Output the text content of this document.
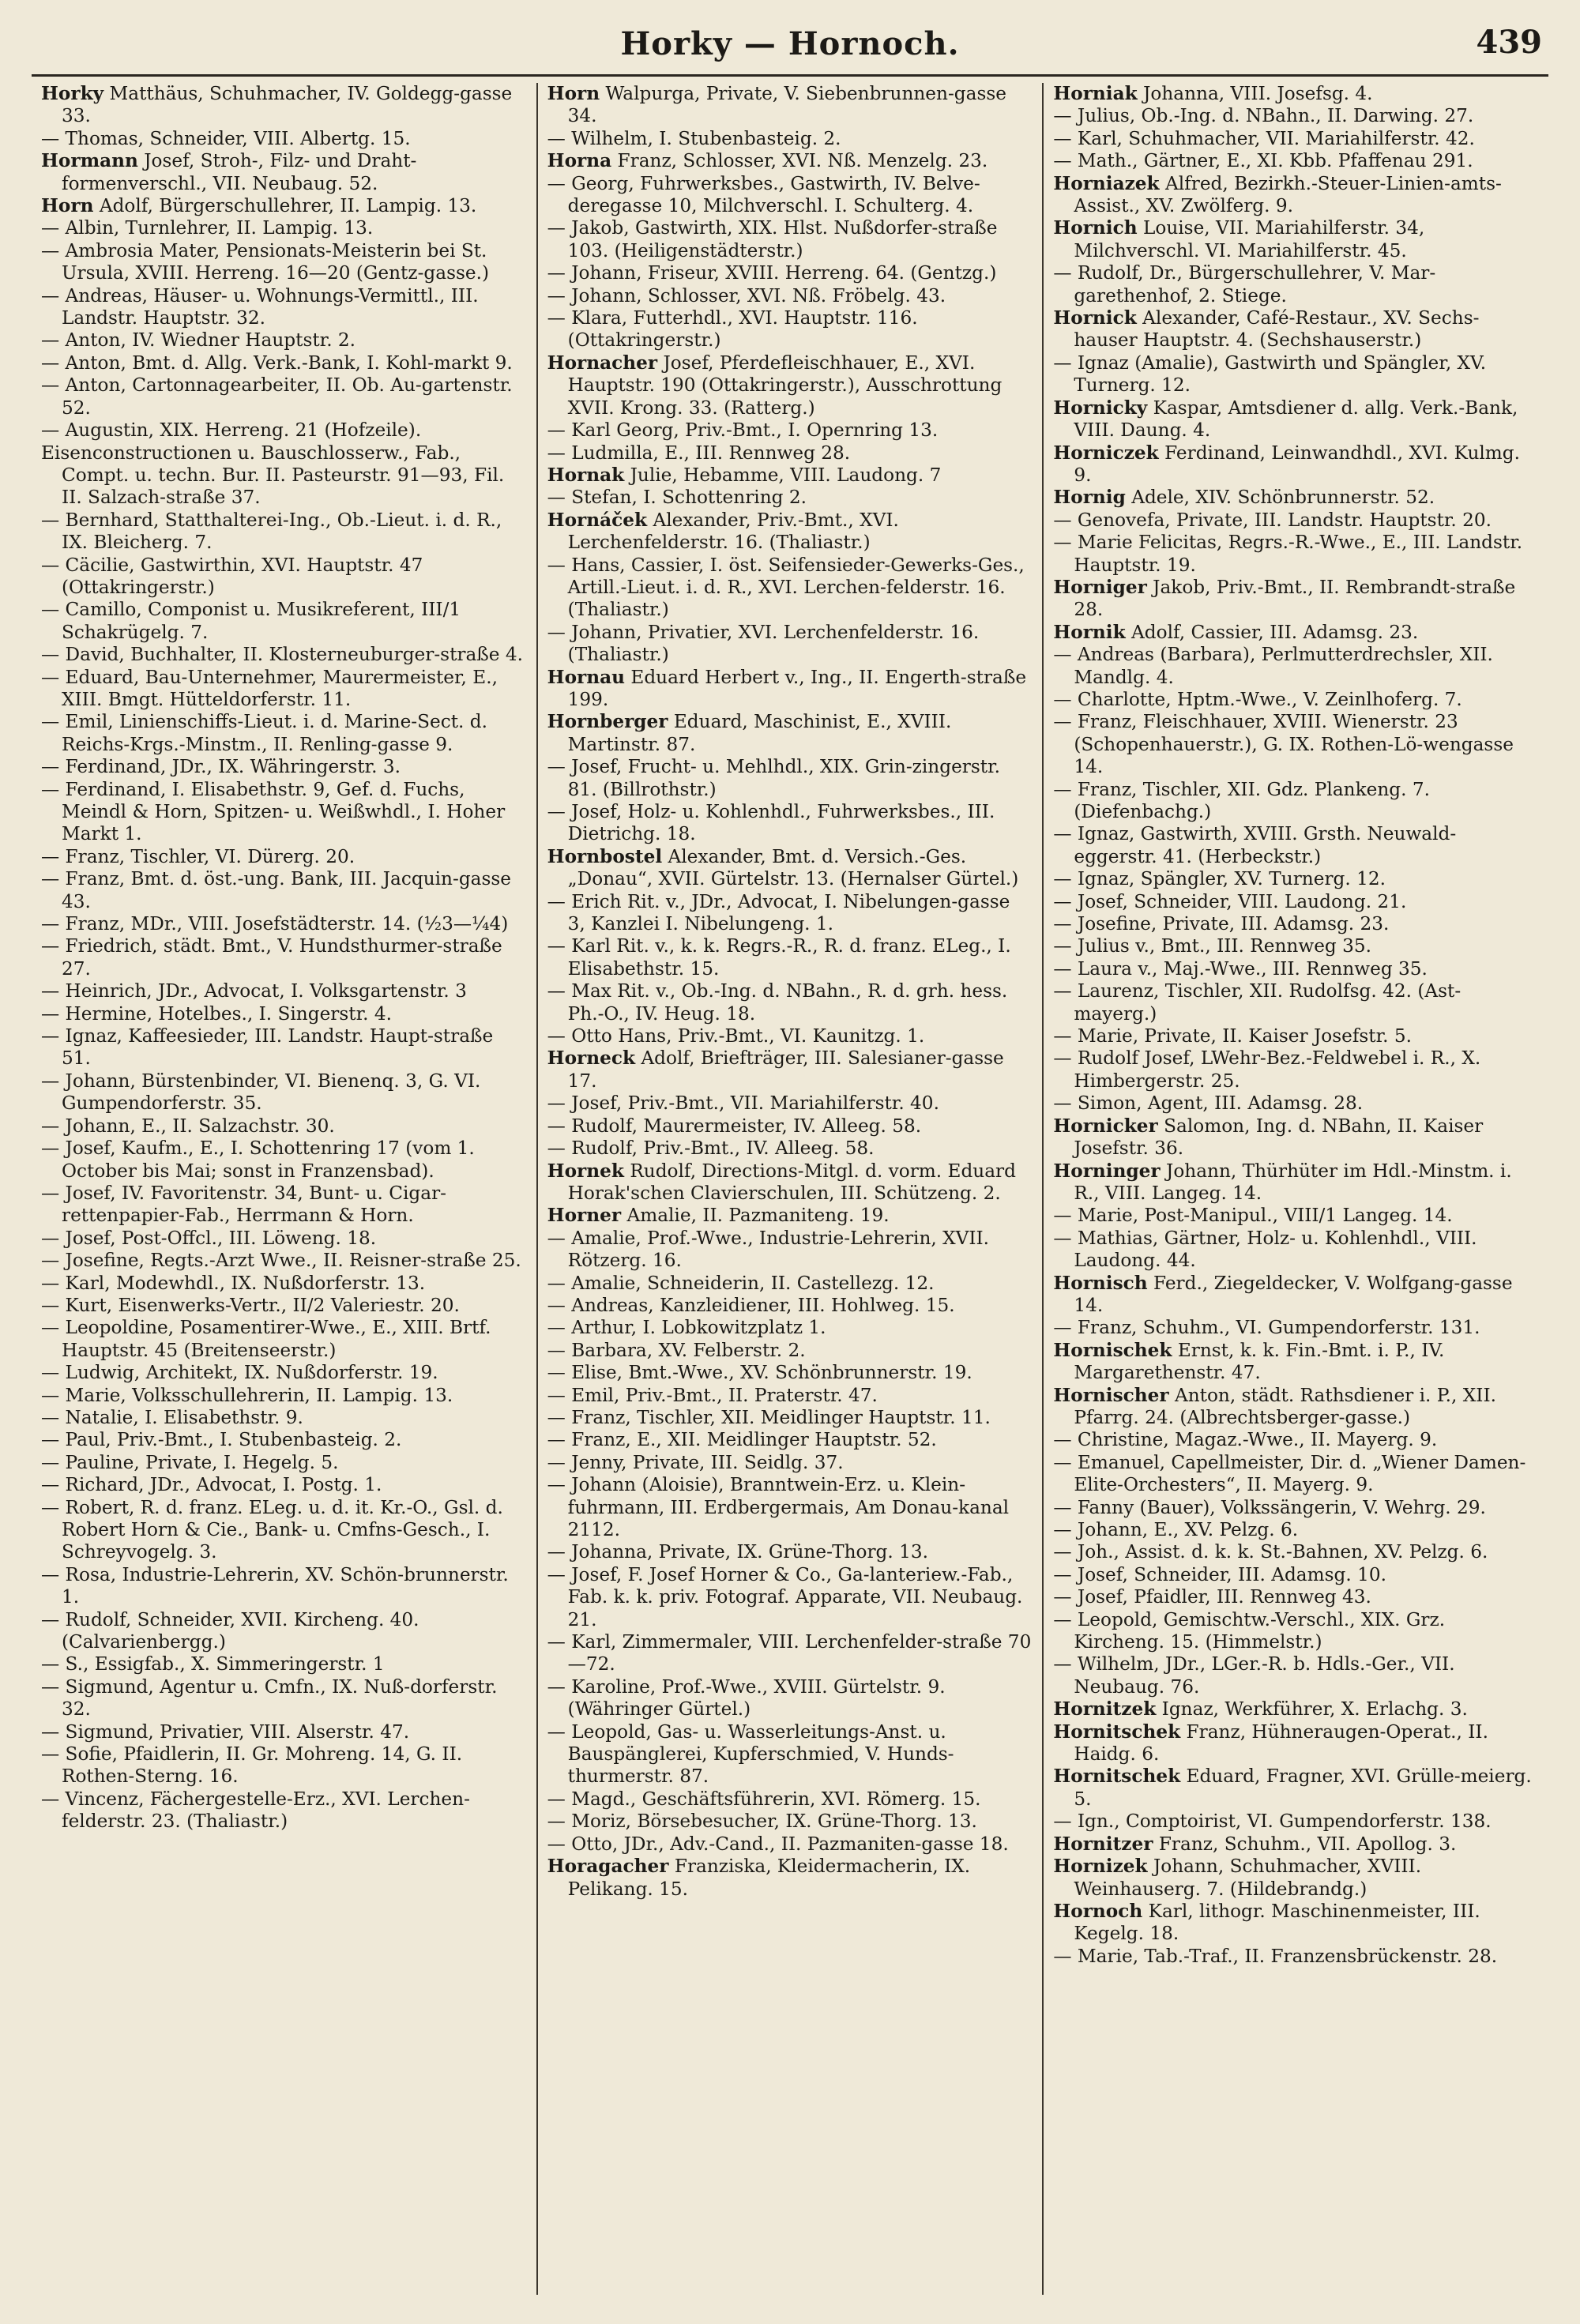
Horky — Hornoch.	439
Horky Matthäus, Schuhmacher, IV. Goldegg-gasse 33.
— Thomas, Schneider, VIII. Albertg. 15.
Hormann Josef, Stroh-, Filz- und Draht-formenverschl., VII. Neubaug. 52.
Horn Adolf, Bürgerschullehrer, II. Lampig. 13.
— Albin, Turnlehrer, II. Lampig. 13.
— Ambrosia Mater, Pensionats-Meisterin bei St. Ursula, XVIII. Herreng. 16—20 (Gentz-gasse.)
— Andreas, Häuser- u. Wohnungs-Vermittl., III. Landstr. Hauptstr. 32.
— Anton, IV. Wiedner Hauptstr. 2.
— Anton, Bmt. d. Allg. Verk.-Bank, I. Kohl-markt 9.
— Anton, Cartonnagearbeiter, II. Ob. Au-gartenstr. 52.
— Augustin, XIX. Herreng. 21 (Hofzeile).
Eisenconstructionen u. Bauschlosserw., Fab., Compt. u. techn. Bur. II. Pasteurstr. 91—93, Fil. II. Salzach-straße 37.
— Bernhard, Statthalterei-Ing., Ob.-Lieut. i. d. R., IX. Bleicherg. 7.
— Cäcilie, Gastwirthin, XVI. Hauptstr. 47 (Ottakringerstr.)
— Camillo, Componist u. Musikreferent, III/1 Schakrügelg. 7.
— David, Buchhalter, II. Klosterneuburger-straße 4.
— Eduard, Bau-Unternehmer, Maurermeister, E., XIII. Bmgt. Hütteldorferstr. 11.
— Emil, Linienschiffs-Lieut. i. d. Marine-Sect. d. Reichs-Krgs.-Minstm., II. Renling-gasse 9.
— Ferdinand, JDr., IX. Währingerstr. 3.
— Ferdinand, I. Elisabethstr. 9, Gef. d. Fuchs, Meindl & Horn, Spitzen- u. Weißwhdl., I. Hoher Markt 1.
— Franz, Tischler, VI. Dürerg. 20.
— Franz, Bmt. d. öst.-ung. Bank, III. Jacquin-gasse 43.
— Franz, MDr., VIII. Josefstädterstr. 14. (½3—¼4)
— Friedrich, städt. Bmt., V. Hundsthurmer-straße 27.
— Heinrich, JDr., Advocat, I. Volksgartenstr. 3
— Hermine, Hotelbes., I. Singerstr. 4.
— Ignaz, Kaffeesieder, III. Landstr. Haupt-straße 51.
— Johann, Bürstenbinder, VI. Bienenq. 3, G. VI. Gumpendorferstr. 35.
— Johann, E., II. Salzachstr. 30.
— Josef, Kaufm., E., I. Schottenring 17 (vom 1. October bis Mai; sonst in Franzensbad).
— Josef, IV. Favoritenstr. 34, Bunt- u. Cigar-rettenpapier-Fab., Herrmann & Horn.
— Josef, Post-Offcl., III. Löweng. 18.
— Josefine, Regts.-Arzt Wwe., II. Reisner-straße 25.
— Karl, Modewhdl., IX. Nußdorferstr. 13.
— Kurt, Eisenwerks-Vertr., II/2 Valeriestr. 20.
— Leopoldine, Posamentirer-Wwe., E., XIII. Brtf. Hauptstr. 45 (Breitenseerstr.)
— Ludwig, Architekt, IX. Nußdorferstr. 19.
— Marie, Volksschullehrerin, II. Lampig. 13.
— Natalie, I. Elisabethstr. 9.
— Paul, Priv.-Bmt., I. Stubenbasteig. 2.
— Pauline, Private, I. Hegelg. 5.
— Richard, JDr., Advocat, I. Postg. 1.
— Robert, R. d. franz. ELeg. u. d. it. Kr.-O., Gsl. d. Robert Horn & Cie., Bank- u. Cmfns-Gesch., I. Schreyvogelg. 3.
— Rosa, Industrie-Lehrerin, XV. Schön-brunnerstr. 1.
— Rudolf, Schneider, XVII. Kircheng. 40. (Calvarienbergg.)
— S., Essigfab., X. Simmeringerstr. 1
— Sigmund, Agentur u. Cmfn., IX. Nuß-dorferstr. 32.
— Sigmund, Privatier, VIII. Alserstr. 47.
— Sofie, Pfaidlerin, II. Gr. Mohreng. 14, G. II. Rothen-Sterng. 16.
— Vincenz, Fächergestelle-Erz., XVI. Lerchen-felderstr. 23. (Thaliastr.)
Horn Walpurga, Private, V. Siebenbrunnen-gasse 34.
— Wilhelm, I. Stubenbasteig. 2.
Horna Franz, Schlosser, XVI. Nß. Menzelg. 23.
— Georg, Fuhrwerksbes., Gastwirth, IV. Belve-deregasse 10, Milchverschl. I. Schulterg. 4.
— Jakob, Gastwirth, XIX. Hlst. Nußdorfer-straße 103. (Heiligenstädterstr.)
— Johann, Friseur, XVIII. Herreng. 64. (Gentzg.)
— Johann, Schlosser, XVI. Nß. Fröbelg. 43.
— Klara, Futterhdl., XVI. Hauptstr. 116. (Ottakringerstr.)
Hornacher Josef, Pferdefleischhauer, E., XVI. Hauptstr. 190 (Ottakringerstr.), Ausschrottung XVII. Krong. 33. (Ratterg.)
— Karl Georg, Priv.-Bmt., I. Opernring 13.
— Ludmilla, E., III. Rennweg 28.
Hornak Julie, Hebamme, VIII. Laudong. 7
— Stefan, I. Schottenring 2.
Hornáček Alexander, Priv.-Bmt., XVI. Lerchenfelderstr. 16. (Thaliastr.)
— Hans, Cassier, I. öst. Seifensieder-Gewerks-Ges., Artill.-Lieut. i. d. R., XVI. Lerchen-felderstr. 16. (Thaliastr.)
— Johann, Privatier, XVI. Lerchenfelderstr. 16. (Thaliastr.)
Hornau Eduard Herbert v., Ing., II. Engerth-straße 199.
Hornberger Eduard, Maschinist, E., XVIII. Martinstr. 87.
— Josef, Frucht- u. Mehlhdl., XIX. Grin-zingerstr. 81. (Billrothstr.)
— Josef, Holz- u. Kohlenhdl., Fuhrwerksbes., III. Dietrichg. 18.
Hornbostel Alexander, Bmt. d. Versich.-Ges. „Donau“, XVII. Gürtelstr. 13. (Hernalser Gürtel.)
— Erich Rit. v., JDr., Advocat, I. Nibelungen-gasse 3, Kanzlei I. Nibelungeng. 1.
— Karl Rit. v., k. k. Regrs.-R., R. d. franz. ELeg., I. Elisabethstr. 15.
— Max Rit. v., Ob.-Ing. d. NBahn., R. d. grh. hess. Ph.-O., IV. Heug. 18.
— Otto Hans, Priv.-Bmt., VI. Kaunitzg. 1.
Horneck Adolf, Briefträger, III. Salesianer-gasse 17.
— Josef, Priv.-Bmt., VII. Mariahilferstr. 40.
— Rudolf, Maurermeister, IV. Alleeg. 58.
— Rudolf, Priv.-Bmt., IV. Alleeg. 58.
Hornek Rudolf, Directions-Mitgl. d. vorm. Eduard Horak'schen Clavierschulen, III. Schützeng. 2.
Horner Amalie, II. Pazmaniteng. 19.
— Amalie, Prof.-Wwe., Industrie-Lehrerin, XVII. Rötzerg. 16.
— Amalie, Schneiderin, II. Castellezg. 12.
— Andreas, Kanzleidiener, III. Hohlweg. 15.
— Arthur, I. Lobkowitzplatz 1.
— Barbara, XV. Felberstr. 2.
— Elise, Bmt.-Wwe., XV. Schönbrunnerstr. 19.
— Emil, Priv.-Bmt., II. Praterstr. 47.
— Franz, Tischler, XII. Meidlinger Hauptstr. 11.
— Franz, E., XII. Meidlinger Hauptstr. 52.
— Jenny, Private, III. Seidlg. 37.
— Johann (Aloisie), Branntwein-Erz. u. Klein-fuhrmann, III. Erdbergermais, Am Donau-kanal 2112.
— Johanna, Private, IX. Grüne-Thorg. 13.
— Josef, F. Josef Horner & Co., Ga-lanteriew.-Fab., Fab. k. k. priv. Fotograf. Apparate, VII. Neubaug. 21.
— Karl, Zimmermaler, VIII. Lerchenfelder-straße 70—72.
— Karoline, Prof.-Wwe., XVIII. Gürtelstr. 9. (Währinger Gürtel.)
— Leopold, Gas- u. Wasserleitungs-Anst. u. Bauspänglerei, Kupferschmied, V. Hunds-thurmerstr. 87.
— Magd., Geschäftsführerin, XVI. Römerg. 15.
— Moriz, Börsebesucher, IX. Grüne-Thorg. 13.
— Otto, JDr., Adv.-Cand., II. Pazmaniten-gasse 18.
Horagacher Franziska, Kleidermacherin, IX. Pelikang. 15.
Horniak Johanna, VIII. Josefsg. 4.
— Julius, Ob.-Ing. d. NBahn., II. Darwing. 27.
— Karl, Schuhmacher, VII. Mariahilferstr. 42.
— Math., Gärtner, E., XI. Kbb. Pfaffenau 291.
Horniazek Alfred, Bezirkh.-Steuer-Linien-amts-Assist., XV. Zwölferg. 9.
Hornich Louise, VII. Mariahilferstr. 34, Milchverschl. VI. Mariahilferstr. 45.
— Rudolf, Dr., Bürgerschullehrer, V. Mar-garethenhof, 2. Stiege.
Hornick Alexander, Café-Restaur., XV. Sechs-hauser Hauptstr. 4. (Sechshauserstr.)
— Ignaz (Amalie), Gastwirth und Spängler, XV. Turnerg. 12.
Hornicky Kaspar, Amtsdiener d. allg. Verk.-Bank, VIII. Daung. 4.
Horniczek Ferdinand, Leinwandhdl., XVI. Kulmg. 9.
Hornig Adele, XIV. Schönbrunnerstr. 52.
— Genovefa, Private, III. Landstr. Hauptstr. 20.
— Marie Felicitas, Regrs.-R.-Wwe., E., III. Landstr. Hauptstr. 19.
Horniger Jakob, Priv.-Bmt., II. Rembrandt-straße 28.
Hornik Adolf, Cassier, III. Adamsg. 23.
— Andreas (Barbara), Perlmutterdrechsler, XII. Mandlg. 4.
— Charlotte, Hptm.-Wwe., V. Zeinlhoferg. 7.
— Franz, Fleischhauer, XVIII. Wienerstr. 23 (Schopenhauerstr.), G. IX. Rothen-Lö-wengasse 14.
— Franz, Tischler, XII. Gdz. Plankeng. 7. (Diefenbachg.)
— Ignaz, Gastwirth, XVIII. Grsth. Neuwald-eggerstr. 41. (Herbeckstr.)
— Ignaz, Spängler, XV. Turnerg. 12.
— Josef, Schneider, VIII. Laudong. 21.
— Josefine, Private, III. Adamsg. 23.
— Julius v., Bmt., III. Rennweg 35.
— Laura v., Maj.-Wwe., III. Rennweg 35.
— Laurenz, Tischler, XII. Rudolfsg. 42. (Ast-mayerg.)
— Marie, Private, II. Kaiser Josefstr. 5.
— Rudolf Josef, LWehr-Bez.-Feldwebel i. R., X. Himbergerstr. 25.
— Simon, Agent, III. Adamsg. 28.
Hornicker Salomon, Ing. d. NBahn, II. Kaiser Josefstr. 36.
Horninger Johann, Thürhüter im Hdl.-Minstm. i. R., VIII. Langeg. 14.
— Marie, Post-Manipul., VIII/1 Langeg. 14.
— Mathias, Gärtner, Holz- u. Kohlenhdl., VIII. Laudong. 44.
Hornisch Ferd., Ziegeldecker, V. Wolfgang-gasse 14.
— Franz, Schuhm., VI. Gumpendorferstr. 131.
Hornischek Ernst, k. k. Fin.-Bmt. i. P., IV. Margarethenstr. 47.
Hornischer Anton, städt. Rathsdiener i. P., XII. Pfarrg. 24. (Albrechtsberger-gasse.)
— Christine, Magaz.-Wwe., II. Mayerg. 9.
— Emanuel, Capellmeister, Dir. d. „Wiener Damen-Elite-Orchesters“, II. Mayerg. 9.
— Fanny (Bauer), Volkssängerin, V. Wehrg. 29.
— Johann, E., XV. Pelzg. 6.
— Joh., Assist. d. k. k. St.-Bahnen, XV. Pelzg. 6.
— Josef, Schneider, III. Adamsg. 10.
— Josef, Pfaidler, III. Rennweg 43.
— Leopold, Gemischtw.-Verschl., XIX. Grz. Kircheng. 15. (Himmelstr.)
— Wilhelm, JDr., LGer.-R. b. Hdls.-Ger., VII. Neubaug. 76.
Hornitzek Ignaz, Werkführer, X. Erlachg. 3.
Hornitschek Franz, Hühneraugen-Operat., II. Haidg. 6.
Hornitschek Eduard, Fragner, XVI. Grülle-meierg. 5.
— Ign., Comptoirist, VI. Gumpendorferstr. 138.
Hornitzer Franz, Schuhm., VII. Apollog. 3.
Hornizek Johann, Schuhmacher, XVIII. Weinhauserg. 7. (Hildebrandg.)
Hornoch Karl, lithogr. Maschinenmeister, III. Kegelg. 18.
— Marie, Tab.-Traf., II. Franzensbrückenstr. 28.
